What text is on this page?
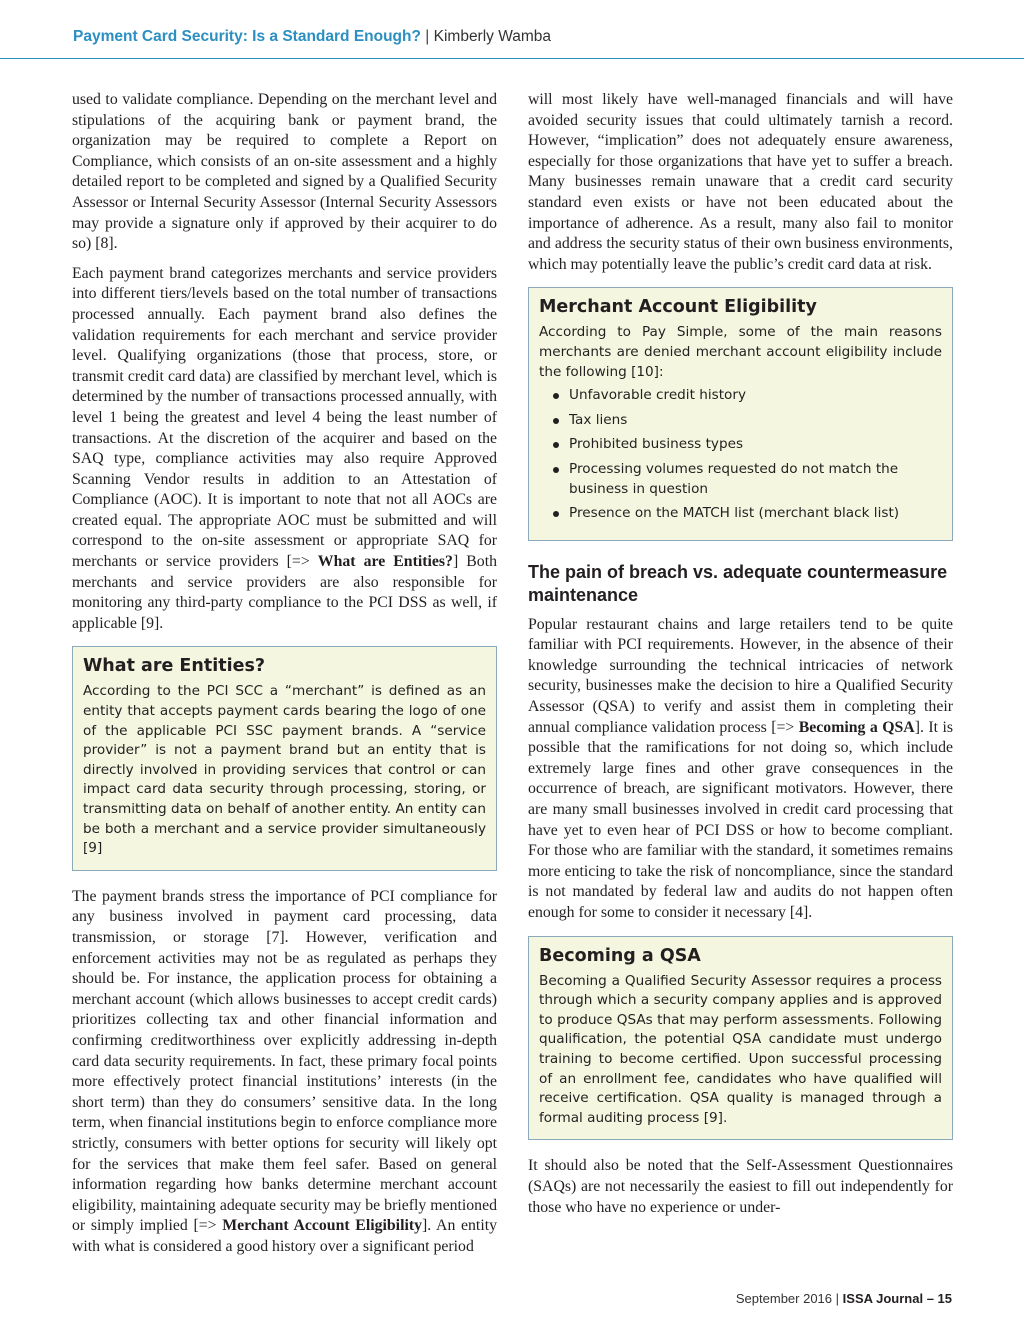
Payment Card Security: Is a Standard Enough? | Kimberly Wamba

used to validate compliance. Depending on the merchant level and stipulations of the acquiring bank or payment brand, the organization may be required to complete a Report on Compliance, which consists of an on-site assessment and a highly detailed report to be completed and signed by a Qualified Security Assessor or Internal Security Assessor (Internal Security Assessors may provide a signature only if approved by their acquirer to do so) [8].

Each payment brand categorizes merchants and service providers into different tiers/levels based on the total number of transactions processed annually. Each payment brand also defines the validation requirements for each merchant and service provider level. Qualifying organizations (those that process, store, or transmit credit card data) are classified by merchant level, which is determined by the number of transactions processed annually, with level 1 being the greatest and level 4 being the least number of transactions. At the discretion of the acquirer and based on the SAQ type, compliance activities may also require Approved Scanning Vendor results in addition to an Attestation of Compliance (AOC). It is important to note that not all AOCs are created equal. The appropriate AOC must be submitted and will correspond to the on-site assessment or appropriate SAQ for merchants or service providers [=> What are Entities?] Both merchants and service providers are also responsible for monitoring any third-party compliance to the PCI DSS as well, if applicable [9].

What are Entities?
According to the PCI SCC a “merchant” is defined as an entity that accepts payment cards bearing the logo of one of the applicable PCI SSC payment brands. A “service provider” is not a payment brand but an entity that is directly involved in providing services that control or can impact card data security through processing, storing, or transmitting data on behalf of another entity. An entity can be both a merchant and a service provider simultaneously [9]

The payment brands stress the importance of PCI compliance for any business involved in payment card processing, data transmission, or storage [7]. However, verification and enforcement activities may not be as regulated as perhaps they should be. For instance, the application process for obtaining a merchant account (which allows businesses to accept credit cards) prioritizes collecting tax and other financial information and confirming creditworthiness over explicitly addressing in-depth card data security requirements. In fact, these primary focal points more effectively protect financial institutions’ interests (in the short term) than they do consumers’ sensitive data. In the long term, when financial institutions begin to enforce compliance more strictly, consumers with better options for security will likely opt for the services that make them feel safer. Based on general information regarding how banks determine merchant account eligibility, maintaining adequate security may be briefly mentioned or simply implied [=> Merchant Account Eligibility]. An entity with what is considered a good history over a significant period

will most likely have well-managed financials and will have avoided security issues that could ultimately tarnish a record. However, “implication” does not adequately ensure awareness, especially for those organizations that have yet to suffer a breach. Many businesses remain unaware that a credit card security standard even exists or have not been educated about the importance of adherence. As a result, many also fail to monitor and address the security status of their own business environments, which may potentially leave the public’s credit card data at risk.

Merchant Account Eligibility
According to Pay Simple, some of the main reasons merchants are denied merchant account eligibility include the following [10]:
Unfavorable credit history
Tax liens
Prohibited business types
Processing volumes requested do not match the business in question
Presence on the MATCH list (merchant black list)
The pain of breach vs. adequate countermeasure maintenance

Popular restaurant chains and large retailers tend to be quite familiar with PCI requirements. However, in the absence of their knowledge surrounding the technical intricacies of network security, businesses make the decision to hire a Qualified Security Assessor (QSA) to verify and assist them in completing their annual compliance validation process [=> Becoming a QSA]. It is possible that the ramifications for not doing so, which include extremely large fines and other grave consequences in the occurrence of breach, are significant motivators. However, there are many small businesses involved in credit card processing that have yet to even hear of PCI DSS or how to become compliant. For those who are familiar with the standard, it sometimes remains more enticing to take the risk of noncompliance, since the standard is not mandated by federal law and audits do not happen often enough for some to consider it necessary [4].

Becoming a QSA
Becoming a Qualified Security Assessor requires a process through which a security company applies and is approved to produce QSAs that may perform assessments. Following qualification, the potential QSA candidate must undergo training to become certified. Upon successful processing of an enrollment fee, candidates who have qualified will receive certification. QSA quality is managed through a formal auditing process [9].

It should also be noted that the Self-Assessment Questionnaires (SAQs) are not necessarily the easiest to fill out independently for those who have no experience or under-

September 2016 | ISSA Journal – 15
